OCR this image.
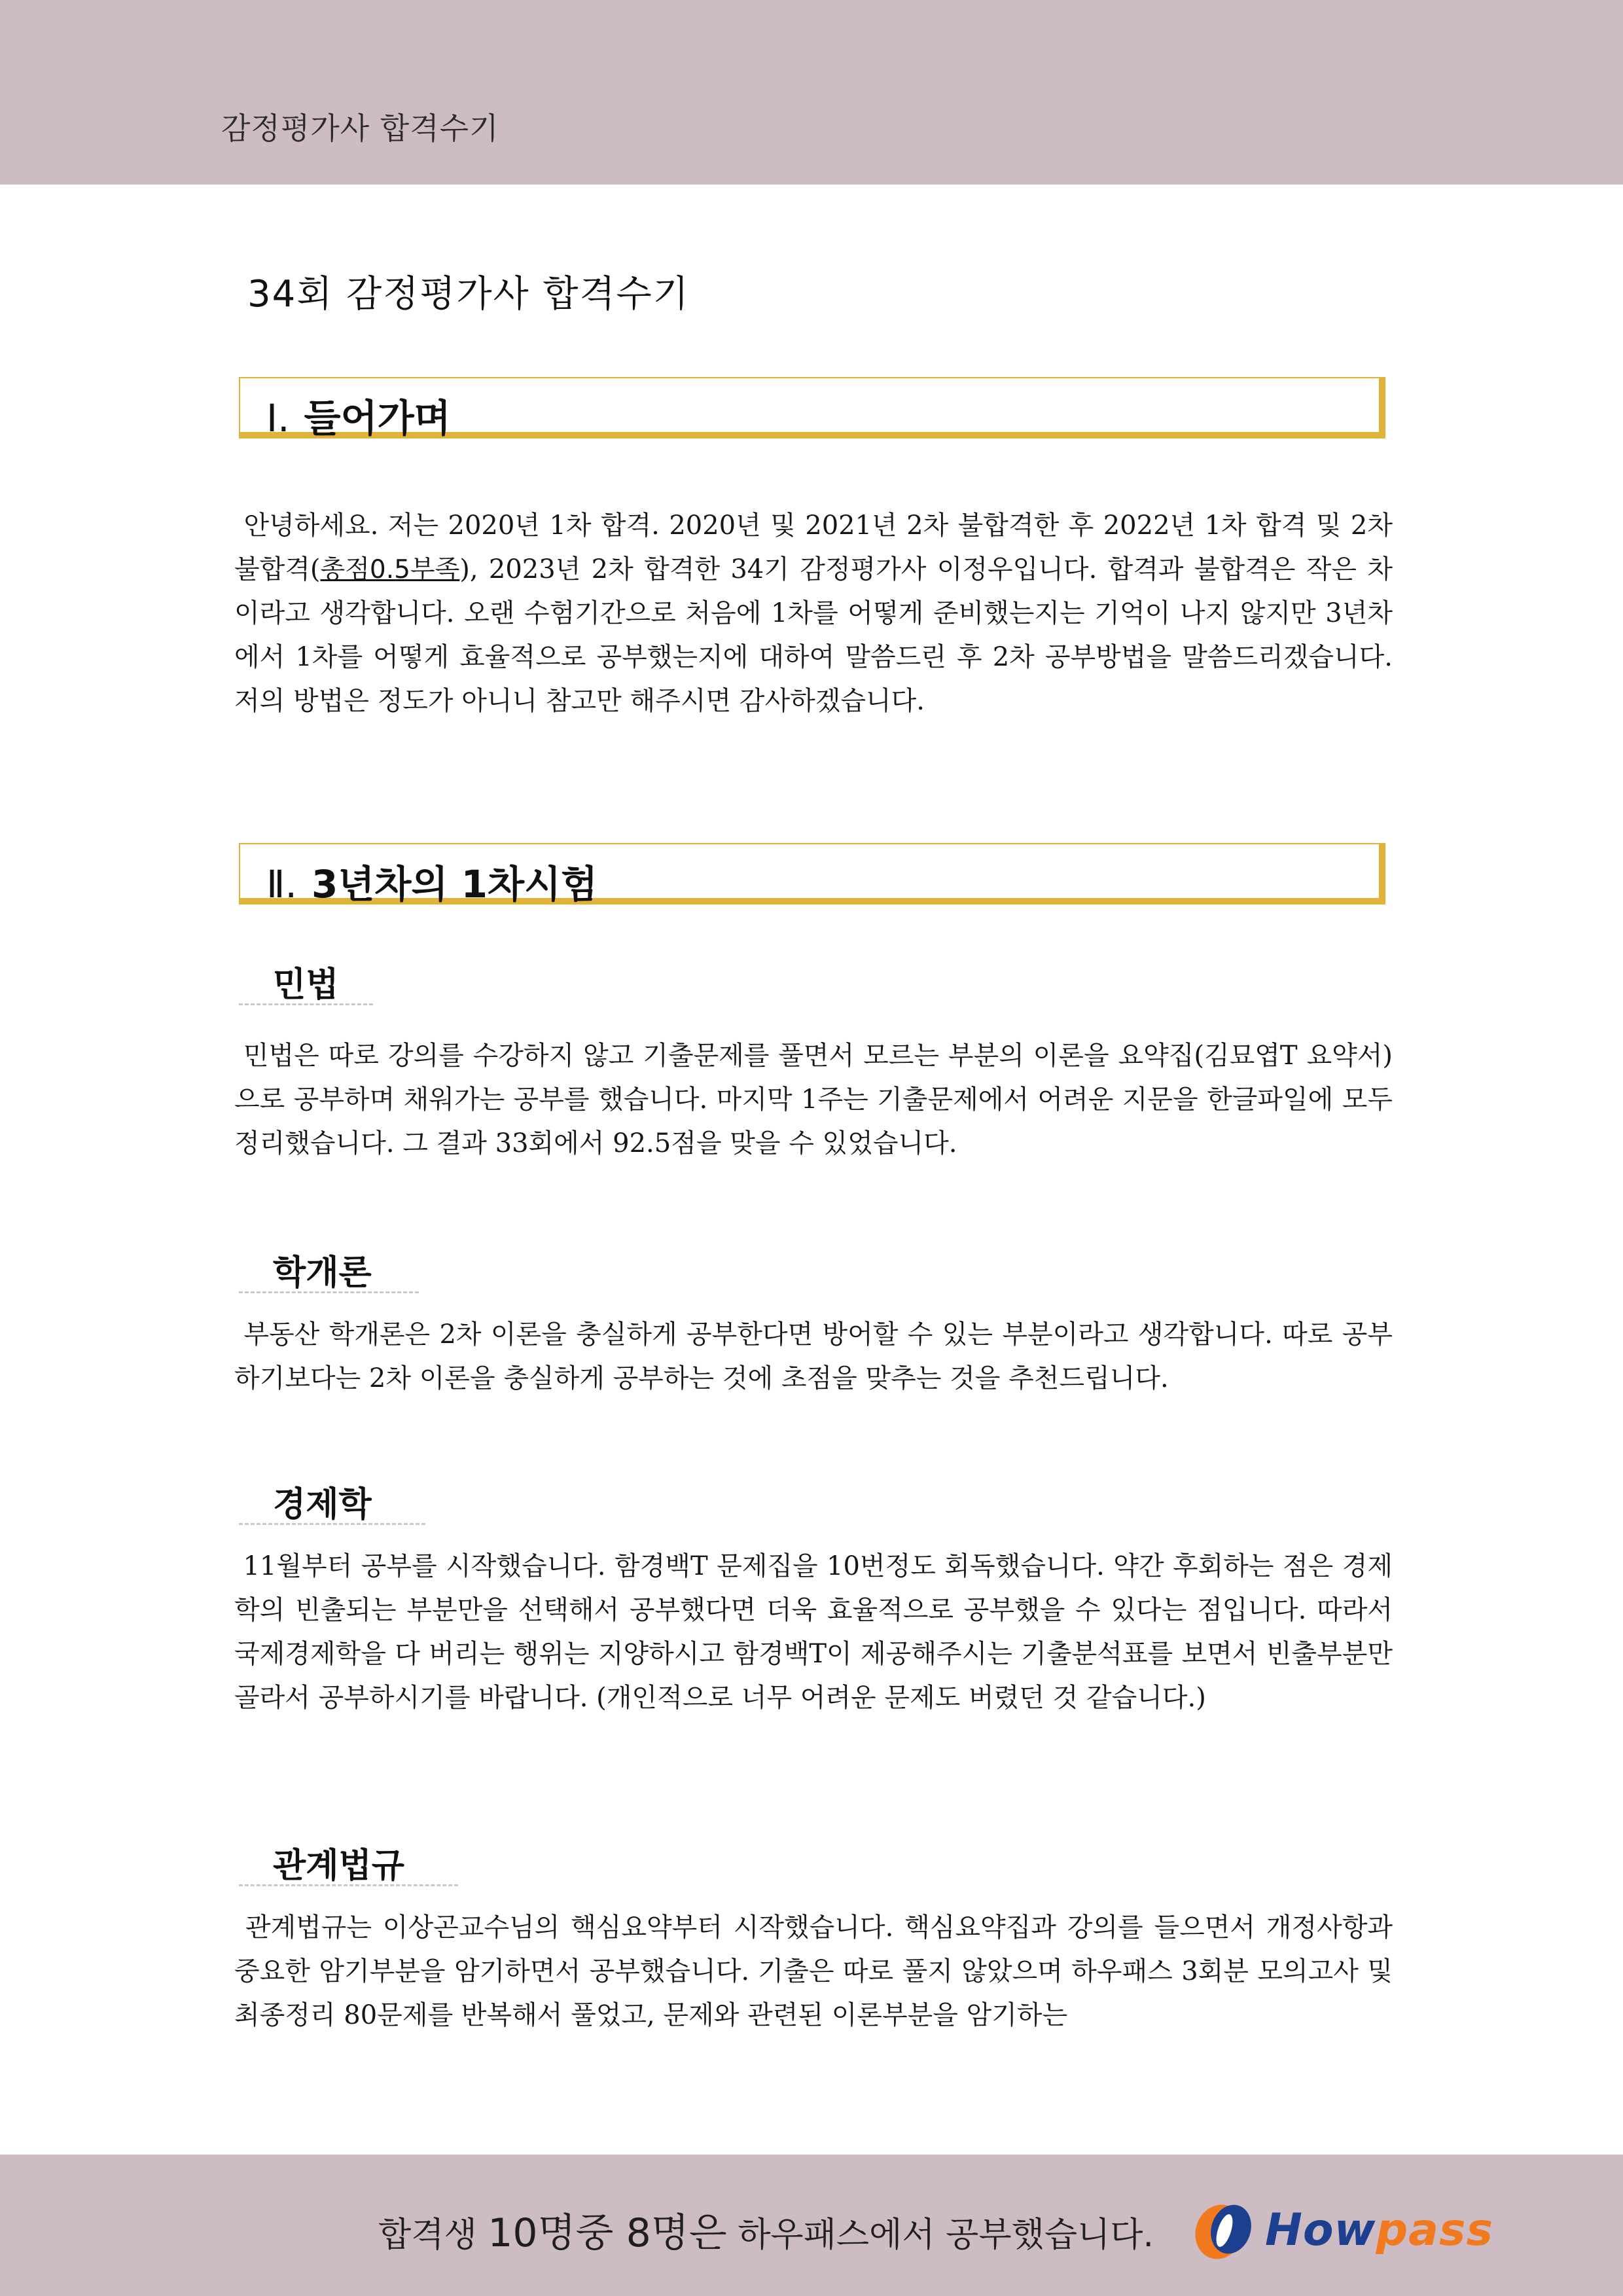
감정평가사 합격수기
34회 감정평가사 합격수기
Ⅰ. 들어가며

안녕하세요. 저는 2020년 1차 합격. 2020년 및 2021년 2차 불합격한 후 2022년 1차 합격 및 2차 불합격(총점0.5부족), 2023년 2차 합격한 34기 감정평가사 이정우입니다. 합격과 불합격은 작은 차이라고 생각합니다. 오랜 수험기간으로 처음에 1차를 어떻게 준비했는지는 기억이 나지 않지만 3년차에서 1차를 어떻게 효율적으로 공부했는지에 대하여 말씀드린 후 2차 공부방법을 말씀드리겠습니다. 저의 방법은 정도가 아니니 참고만 해주시면 감사하겠습니다.

Ⅱ. 3년차의 1차시험
민법

민법은 따로 강의를 수강하지 않고 기출문제를 풀면서 모르는 부분의 이론을 요약집(김묘엽T 요약서)으로 공부하며 채워가는 공부를 했습니다. 마지막 1주는 기출문제에서 어려운 지문을 한글파일에 모두 정리했습니다. 그 결과 33회에서 92.5점을 맞을 수 있었습니다.

학개론

부동산 학개론은 2차 이론을 충실하게 공부한다면 방어할 수 있는 부분이라고 생각합니다. 따로 공부하기보다는 2차 이론을 충실하게 공부하는 것에 초점을 맞추는 것을 추천드립니다.

경제학

11월부터 공부를 시작했습니다. 함경백T 문제집을 10번정도 회독했습니다. 약간 후회하는 점은 경제학의 빈출되는 부분만을 선택해서 공부했다면 더욱 효율적으로 공부했을 수 있다는 점입니다. 따라서 국제경제학을 다 버리는 행위는 지양하시고 함경백T이 제공해주시는 기출분석표를 보면서 빈출부분만 골라서 공부하시기를 바랍니다. (개인적으로 너무 어려운 문제도 버렸던 것 같습니다.)

관계법규

관계법규는 이상곤교수님의 핵심요약부터 시작했습니다. 핵심요약집과 강의를 들으면서 개정사항과 중요한 암기부분을 암기하면서 공부했습니다. 기출은 따로 풀지 않았으며 하우패스 3회분 모의고사 및 최종정리 80문제를 반복해서 풀었고, 문제와 관련된 이론부분을 암기하는

합격생 10명중 8명은 하우패스에서 공부했습니다. Howpass
